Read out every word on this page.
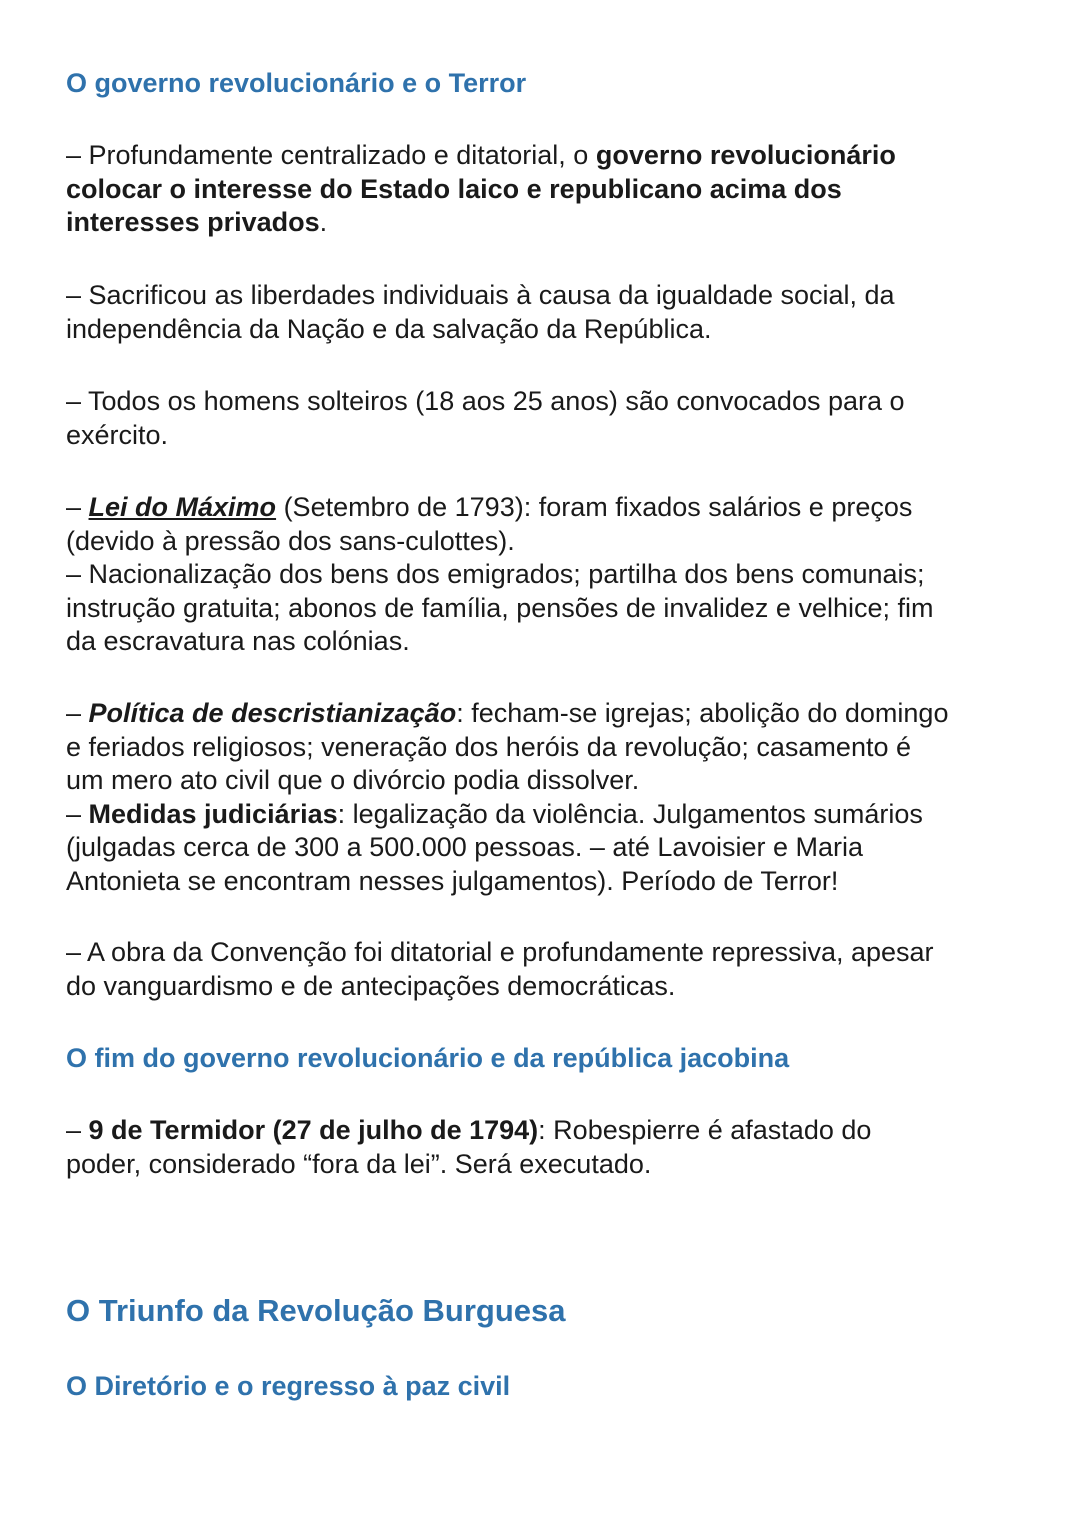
O governo revolucionário e o Terror

– Profundamente centralizado e ditatorial, o governo revolucionário
colocar o interesse do Estado laico e republicano acima dos
interesses privados.

– Sacrificou as liberdades individuais à causa da igualdade social, da
independência da Nação e da salvação da República.

– Todos os homens solteiros (18 aos 25 anos) são convocados para o
exército.

– Lei do Máximo (Setembro de 1793): foram fixados salários e preços
(devido à pressão dos sans-culottes).
– Nacionalização dos bens dos emigrados; partilha dos bens comunais;
instrução gratuita; abonos de família, pensões de invalidez e velhice; fim
da escravatura nas colónias.

– Política de descristianização: fecham-se igrejas; abolição do domingo
e feriados religiosos; veneração dos heróis da revolução; casamento é
um mero ato civil que o divórcio podia dissolver.
– Medidas judiciárias: legalização da violência. Julgamentos sumários
(julgadas cerca de 300 a 500.000 pessoas. – até Lavoisier e Maria
Antonieta se encontram nesses julgamentos). Período de Terror!

– A obra da Convenção foi ditatorial e profundamente repressiva, apesar
do vanguardismo e de antecipações democráticas.

O fim do governo revolucionário e da república jacobina

– 9 de Termidor (27 de julho de 1794): Robespierre é afastado do
poder, considerado “fora da lei”. Será executado.

O Triunfo da Revolução Burguesa
O Diretório e o regresso à paz civil
